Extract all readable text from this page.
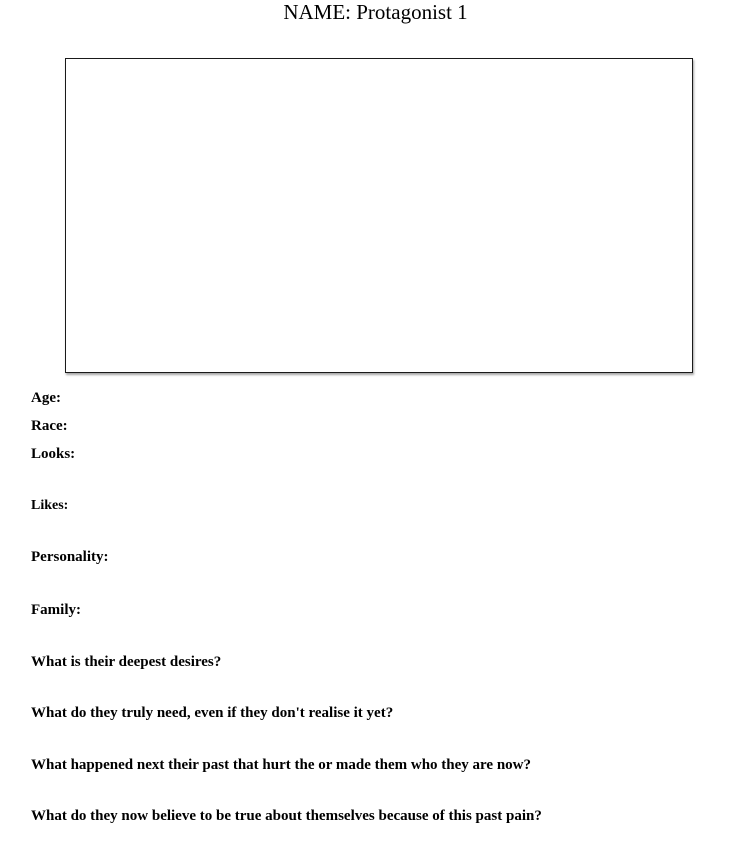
NAME: Protagonist 1
Age:
Race:
Looks:
Likes:
Personality:
Family:
What is their deepest desires?
What do they truly need, even if they don't realise it yet?
What happened next their past that hurt the or made them who they are now?
What do they now believe to be true about themselves because of this past pain?
